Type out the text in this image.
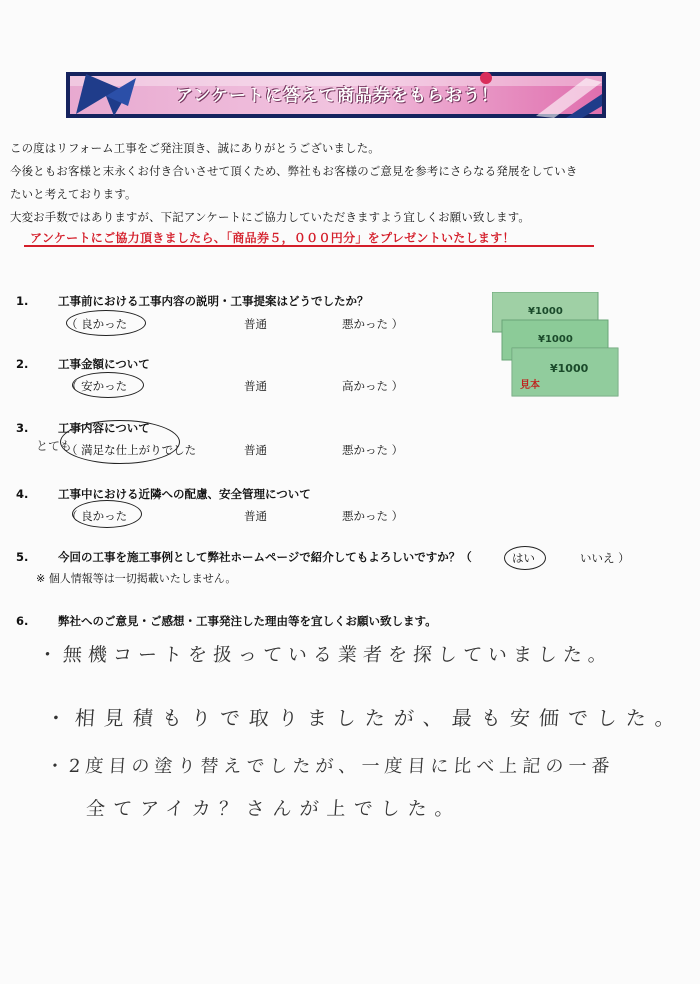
アンケートに答えて商品券をもらおう！
この度はリフォーム工事をご発注頂き、誠にありがとうございました。
今後ともお客様と末永くお付き合いさせて頂くため、弊社もお客様のご意見を参考にさらなる発展をしていき
たいと考えております。
大変お手数ではありますが、下記アンケートにご協力していただきますよう宜しくお願い致します。
アンケートにご協力頂きましたら、「商品券５，０００円分」をプレゼントいたします！
¥1000
¥1000
¥1000
見本
1.	工事前における工事内容の説明・工事提案はどうでしたか？
（ 良かった	普通	悪かった ）
2.	工事金額について
（ 安かった	普通	高かった ）
3.	工事内容について
とても
（ 満足な仕上がりでした	普通	悪かった ）
4.	工事中における近隣への配慮、安全管理について
（ 良かった	普通	悪かった ）
5.	今回の工事を施工事例として弊社ホームページで紹介してもよろしいですか？（	はい	いいえ ）
※ 個人情報等は一切掲載いたしません。
6.	弊社へのご意見・ご感想・工事発注した理由等を宜しくお願い致します。
・無機コートを扱っている業者を探していました。
・相見積もりで取りましたが、最も安価でした。
・2度目の塗り替えでしたが、一度目に比べ上記の一番
全てアイカ？さんが上でした。
